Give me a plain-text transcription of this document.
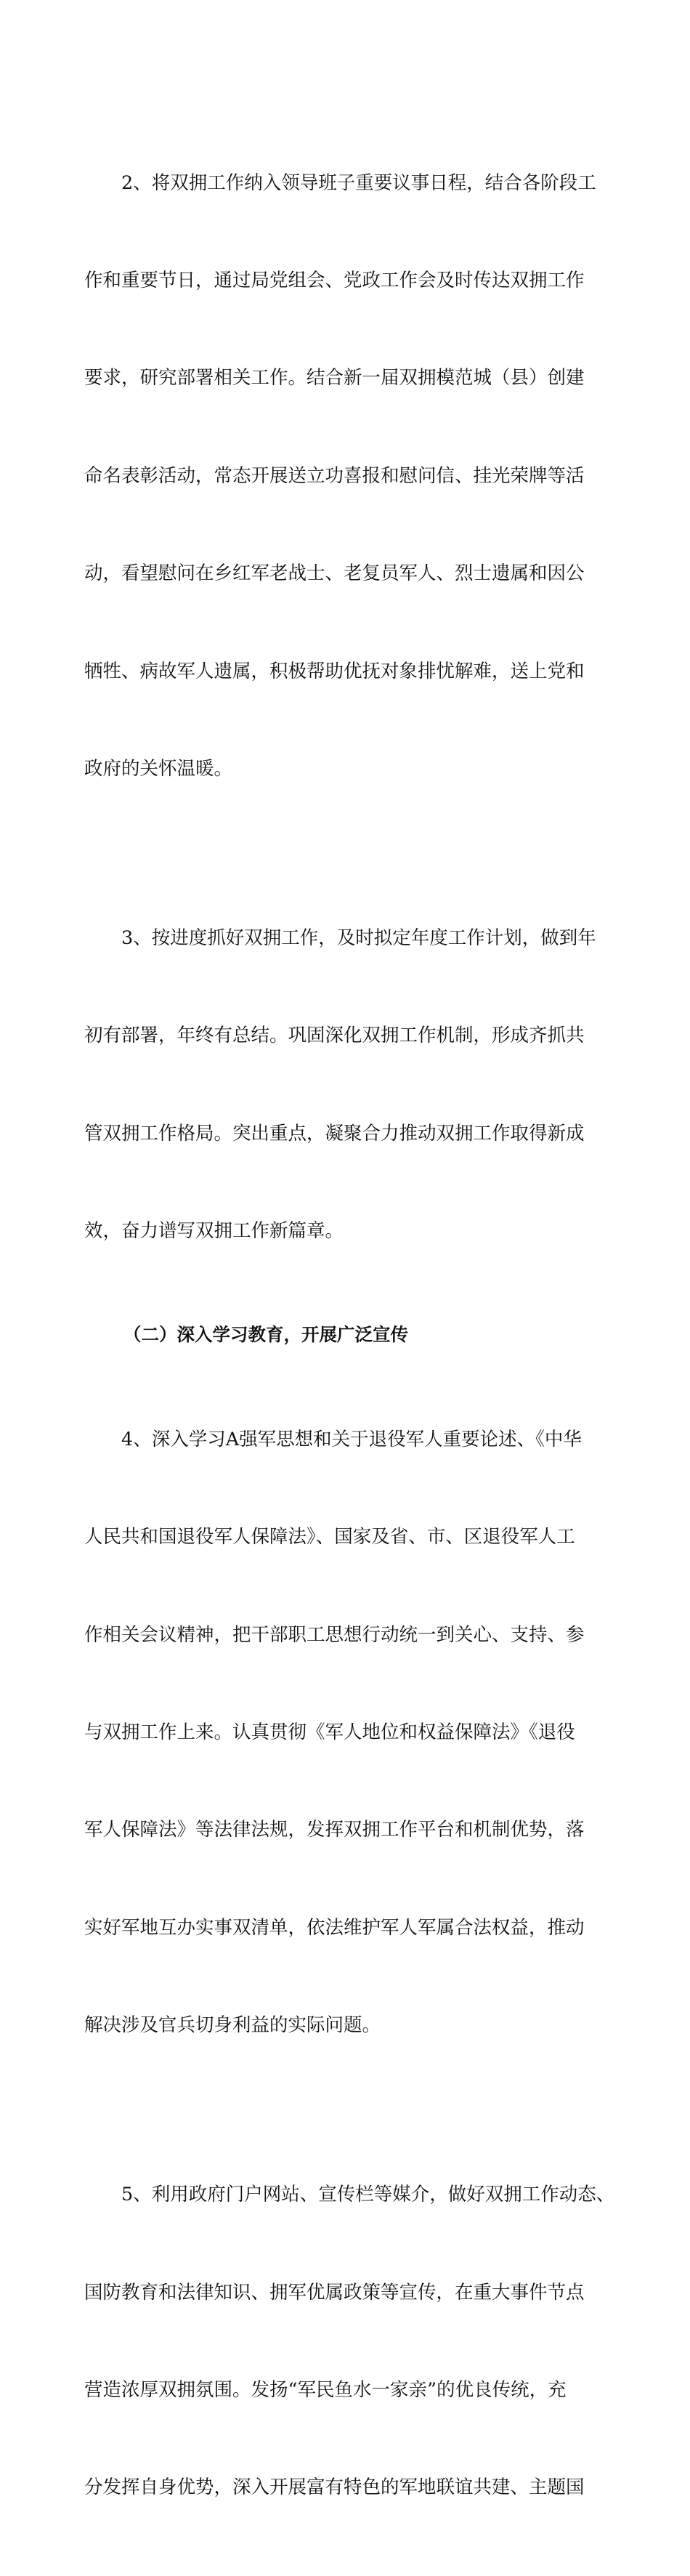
2、将双拥工作纳入领导班子重要议事日程，结合各阶段工

作和重要节日，通过局党组会、党政工作会及时传达双拥工作

要求，研究部署相关工作。结合新一届双拥模范城（县）创建

命名表彰活动，常态开展送立功喜报和慰问信、挂光荣牌等活

动，看望慰问在乡红军老战士、老复员军人、烈士遗属和因公

牺牲、病故军人遗属，积极帮助优抚对象排忧解难，送上党和

政府的关怀温暖。

3、按进度抓好双拥工作，及时拟定年度工作计划，做到年

初有部署，年终有总结。巩固深化双拥工作机制，形成齐抓共

管双拥工作格局。突出重点，凝聚合力推动双拥工作取得新成

效，奋力谱写双拥工作新篇章。

（二）深入学习教育，开展广泛宣传

4、深入学习A强军思想和关于退役军人重要论述、《中华

人民共和国退役军人保障法》、国家及省、市、区退役军人工

作相关会议精神，把干部职工思想行动统一到关心、支持、参

与双拥工作上来。认真贯彻《军人地位和权益保障法》《退役

军人保障法》等法律法规，发挥双拥工作平台和机制优势，落

实好军地互办实事双清单，依法维护军人军属合法权益，推动

解决涉及官兵切身利益的实际问题。

5、利用政府门户网站、宣传栏等媒介，做好双拥工作动态、

国防教育和法律知识、拥军优属政策等宣传，在重大事件节点

营造浓厚双拥氛围。发扬“军民鱼水一家亲”的优良传统，充

分发挥自身优势，深入开展富有特色的军地联谊共建、主题国
